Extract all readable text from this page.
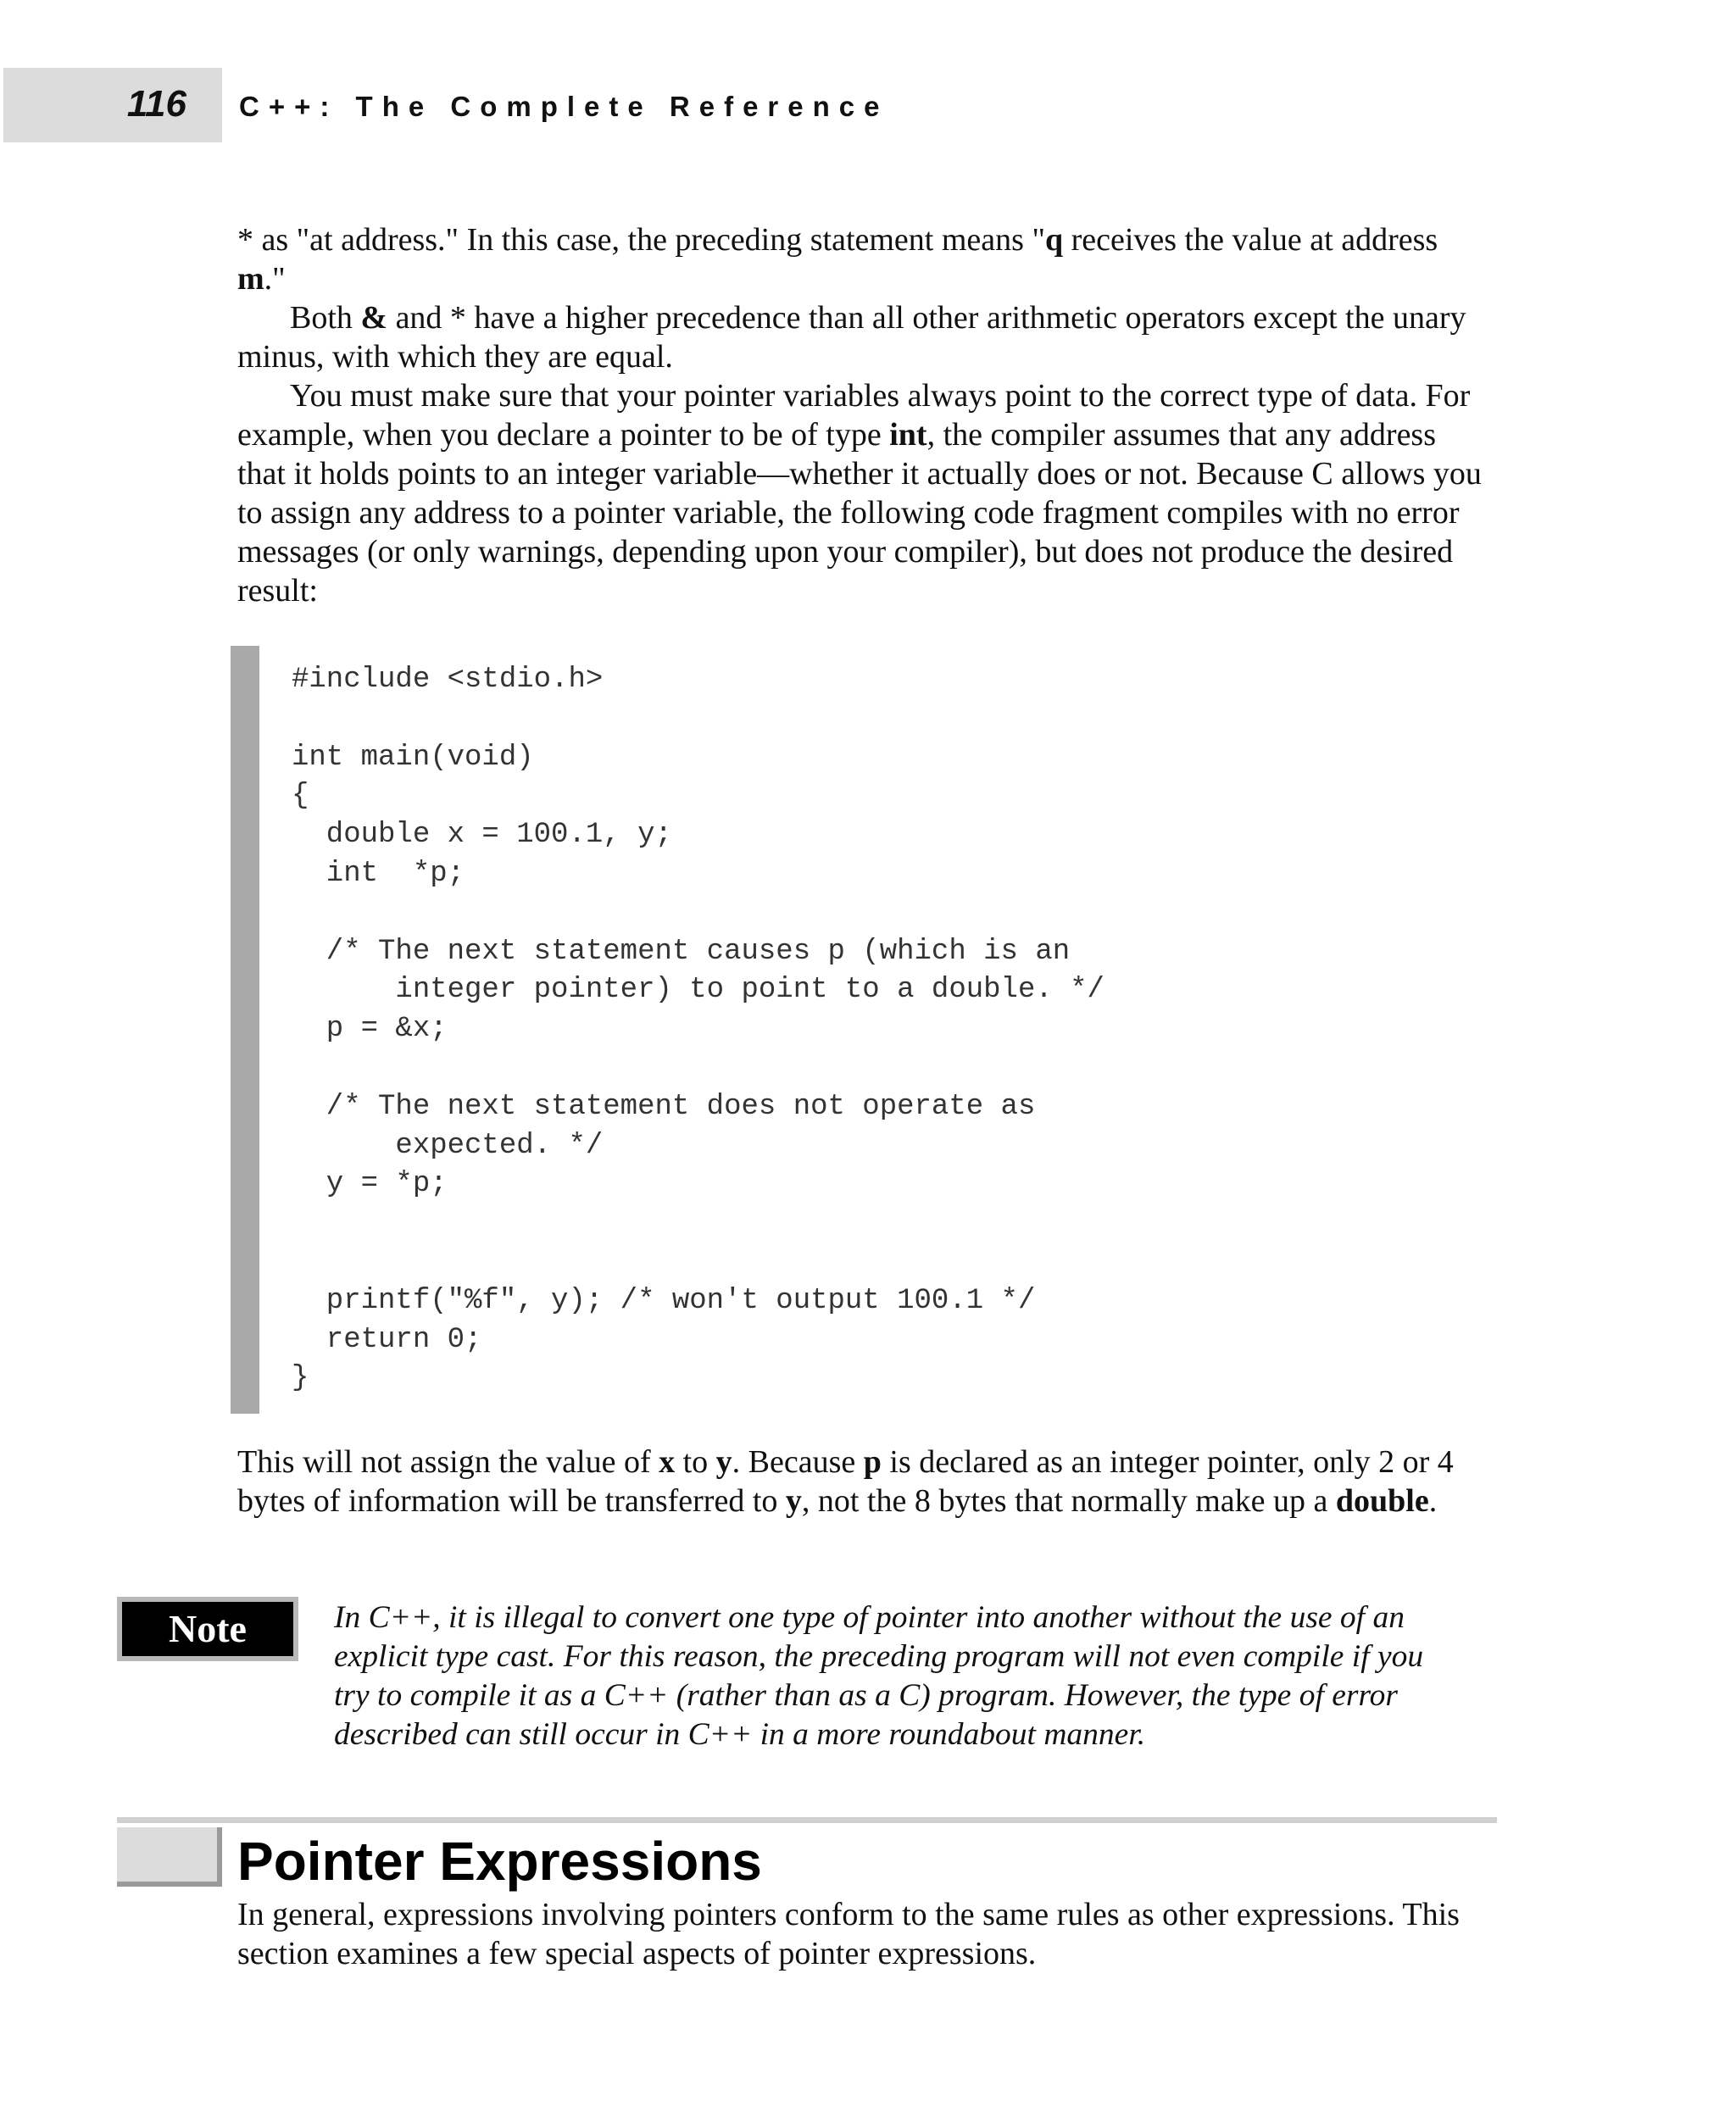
116 C++: The Complete Reference

* as "at address." In this case, the preceding statement means "q receives the value at address m."

Both & and * have a higher precedence than all other arithmetic operators except the unary minus, with which they are equal.

You must make sure that your pointer variables always point to the correct type of data. For example, when you declare a pointer to be of type int, the compiler assumes that any address that it holds points to an integer variable—whether it actually does or not. Because C allows you to assign any address to a pointer variable, the following code fragment compiles with no error messages (or only warnings, depending upon your compiler), but does not produce the desired result:

#include <stdio.h>

int main(void)
{
double x = 100.1, y;
int  *p;

/* The next statement causes p (which is an
integer pointer) to point to a double. */
p = &x;

/* The next statement does not operate as
expected. */
y = *p;

printf("%f", y); /* won't output 100.1 */
return 0;
}

This will not assign the value of x to y. Because p is declared as an integer pointer, only 2 or 4 bytes of information will be transferred to y, not the 8 bytes that normally make up a double.

Note	In C++, it is illegal to convert one type of pointer into another without the use of an explicit type cast. For this reason, the preceding program will not even compile if you try to compile it as a C++ (rather than as a C) program. However, the type of error described can still occur in C++ in a more roundabout manner.

Pointer Expressions

In general, expressions involving pointers conform to the same rules as other expressions. This section examines a few special aspects of pointer expressions.
